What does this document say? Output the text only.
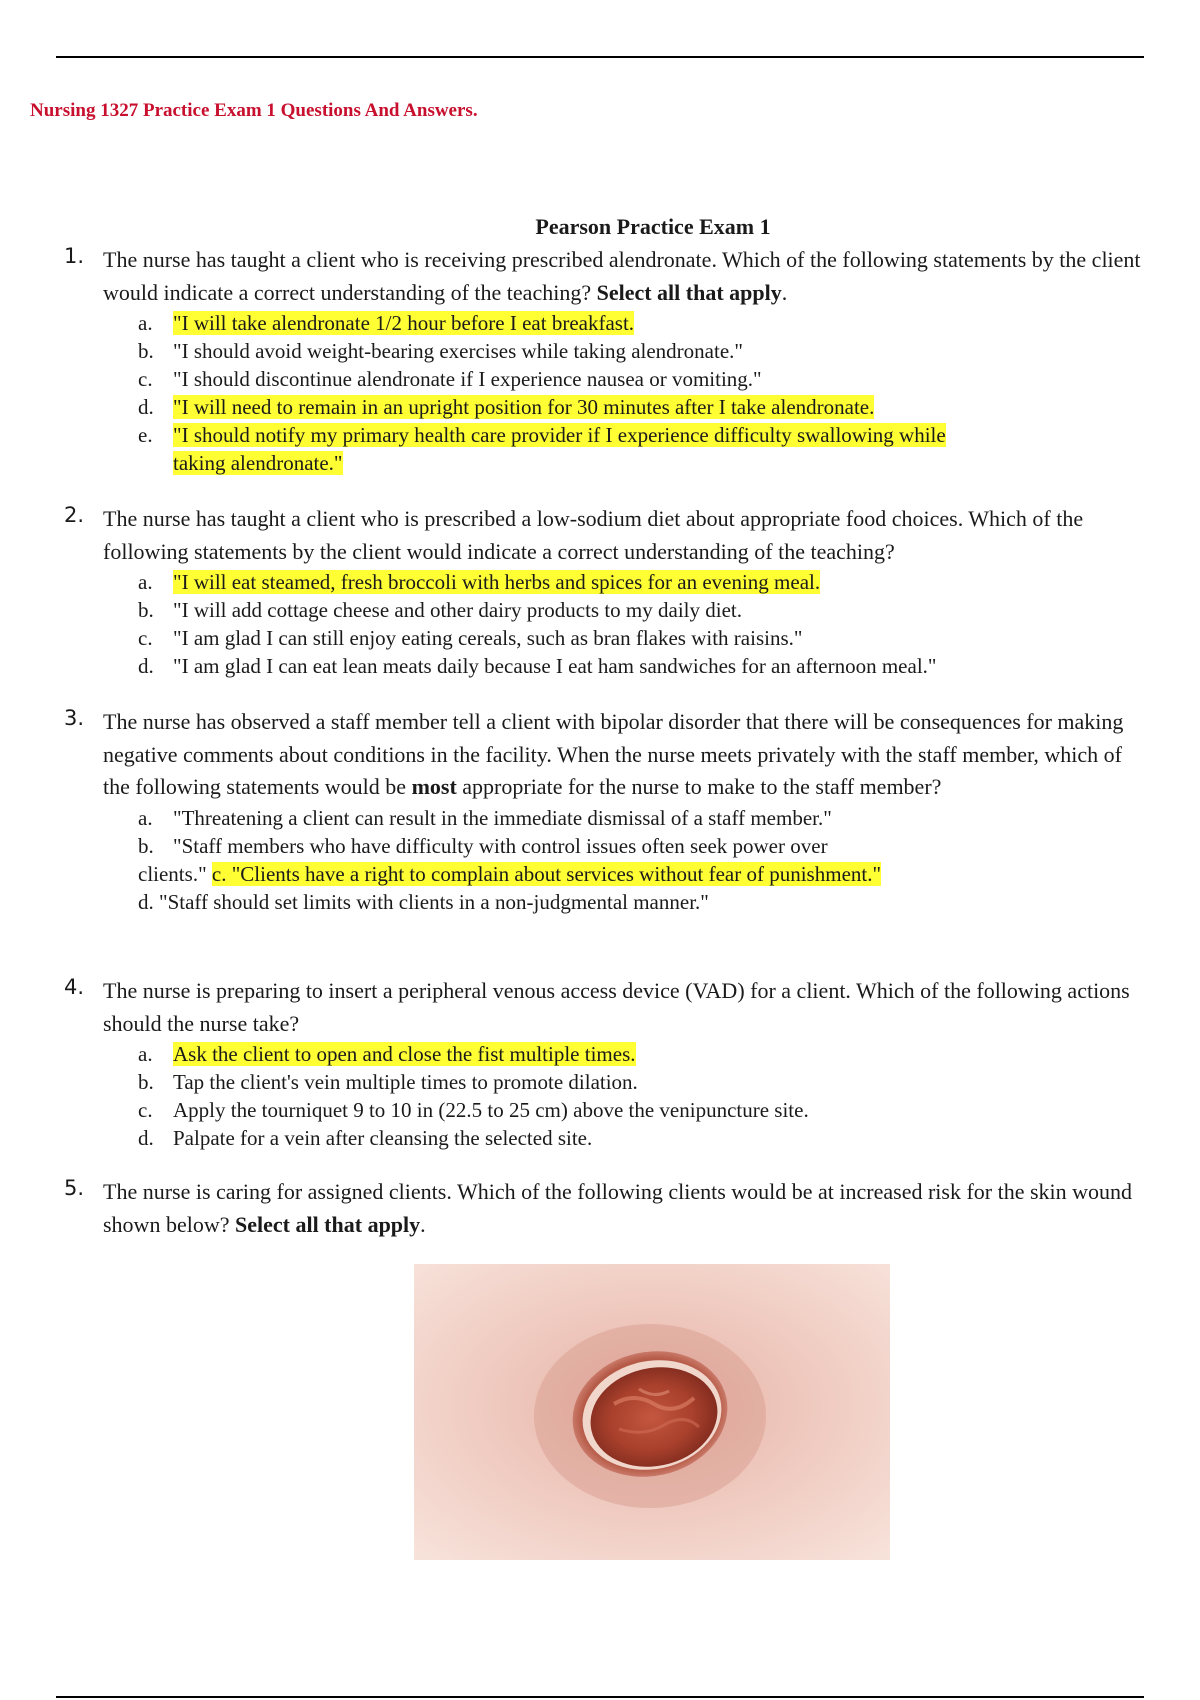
Nursing 1327 Practice Exam 1 Questions And Answers.
Pearson Practice Exam 1
1. The nurse has taught a client who is receiving prescribed alendronate. Which of the following statements by the client would indicate a correct understanding of the teaching? Select all that apply.
a. "I will take alendronate 1/2 hour before I eat breakfast.
b. "I should avoid weight-bearing exercises while taking alendronate."
c. "I should discontinue alendronate if I experience nausea or vomiting."
d. "I will need to remain in an upright position for 30 minutes after I take alendronate.
e. "I should notify my primary health care provider if I experience difficulty swallowing while
taking alendronate."
2. The nurse has taught a client who is prescribed a low-sodium diet about appropriate food choices. Which of the following statements by the client would indicate a correct understanding of the teaching?
a. "I will eat steamed, fresh broccoli with herbs and spices for an evening meal.
b. "I will add cottage cheese and other dairy products to my daily diet.
c. "I am glad I can still enjoy eating cereals, such as bran flakes with raisins."
d. "I am glad I can eat lean meats daily because I eat ham sandwiches for an afternoon meal."
3. The nurse has observed a staff member tell a client with bipolar disorder that there will be consequences for making negative comments about conditions in the facility. When the nurse meets privately with the staff member, which of the following statements would be most appropriate for the nurse to make to the staff member?
a. "Threatening a client can result in the immediate dismissal of a staff member."
b. "Staff members who have difficulty with control issues often seek power over
clients." c. "Clients have a right to complain about services without fear of punishment."
d. "Staff should set limits with clients in a non-judgmental manner."
4. The nurse is preparing to insert a peripheral venous access device (VAD) for a client. Which of the following actions should the nurse take?
a. Ask the client to open and close the fist multiple times.
b. Tap the client's vein multiple times to promote dilation.
c. Apply the tourniquet 9 to 10 in (22.5 to 25 cm) above the venipuncture site.
d. Palpate for a vein after cleansing the selected site.
5. The nurse is caring for assigned clients. Which of the following clients would be at increased risk for the skin wound shown below? Select all that apply.
